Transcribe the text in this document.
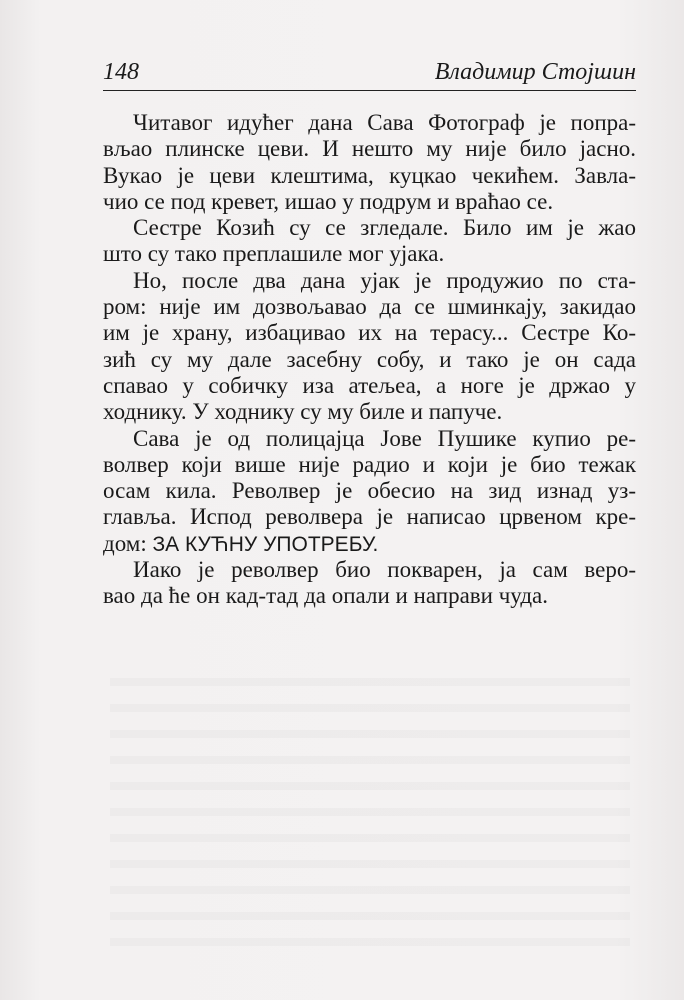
148	Владимир Стојшин
Читавог идућег дана Сава Фотограф је попра-
вљао плинске цеви. И нешто му није било јасно.
Вукао је цеви клештима, куцкао чекићем. Завла-
чио се под кревет, ишао у подрум и враћао се.
Сестре Козић су се згледале. Било им је жао
што су тако преплашиле мог ујака.
Но, после два дана ујак је продужио по ста-
ром: није им дозвољавао да се шминкају, закидао
им је храну, избацивао их на терасу... Сестре Ко-
зић су му дале засебну собу, и тако је он сада
спавао у собичку иза атељеа, а ноге је држао у
ходнику. У ходнику су му биле и папуче.
Сава је од полицајца Јове Пушике купио ре-
волвер који више није радио и који је био тежак
осам кила. Револвер је обесио на зид изнад уз-
главља. Испод револвера је написао црвеном кре-
дом: ЗА КУЋНУ УПОТРЕБУ.
Иако је револвер био покварен, ја сам веро-
вао да ће он кад-тад да опали и направи чуда.
